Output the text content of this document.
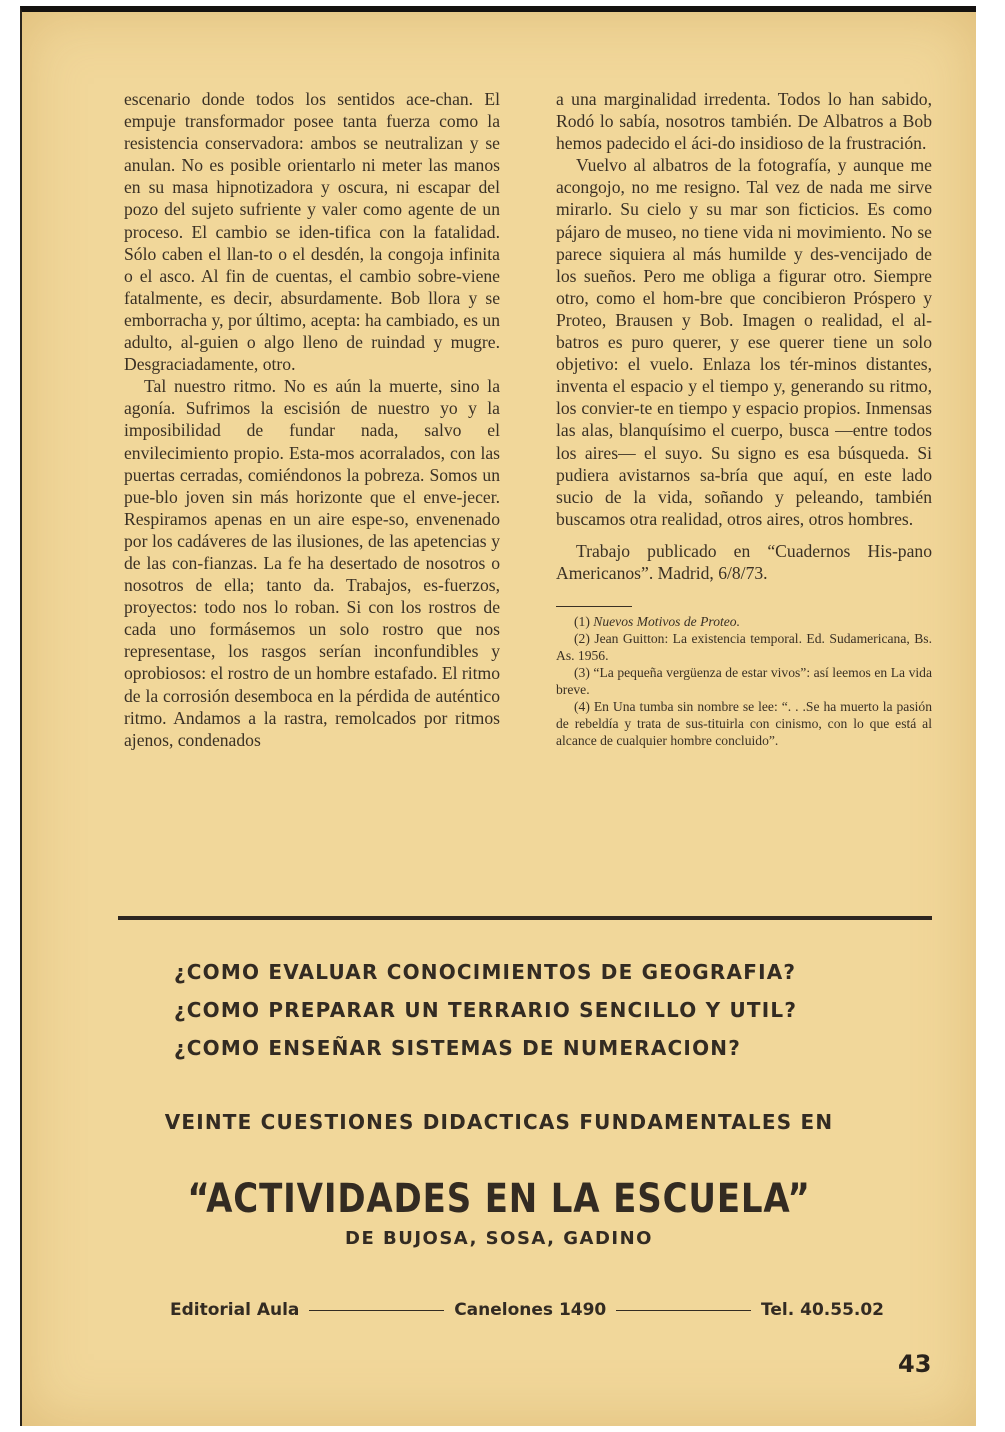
escenario donde todos los sentidos ace-chan. El empuje transformador posee tanta fuerza como la resistencia conservadora: ambos se neutralizan y se anulan. No es posible orientarlo ni meter las manos en su masa hipnotizadora y oscura, ni escapar del pozo del sujeto sufriente y valer como agente de un proceso. El cambio se iden-tifica con la fatalidad. Sólo caben el llan-to o el desdén, la congoja infinita o el asco. Al fin de cuentas, el cambio sobre-viene fatalmente, es decir, absurdamente. Bob llora y se emborracha y, por último, acepta: ha cambiado, es un adulto, al-guien o algo lleno de ruindad y mugre. Desgraciadamente, otro.

Tal nuestro ritmo. No es aún la muerte, sino la agonía. Sufrimos la escisión de nuestro yo y la imposibilidad de fundar nada, salvo el envilecimiento propio. Esta-mos acorralados, con las puertas cerradas, comiéndonos la pobreza. Somos un pue-blo joven sin más horizonte que el enve-jecer. Respiramos apenas en un aire espe-so, envenenado por los cadáveres de las ilusiones, de las apetencias y de las con-fianzas. La fe ha desertado de nosotros o nosotros de ella; tanto da. Trabajos, es-fuerzos, proyectos: todo nos lo roban. Si con los rostros de cada uno formásemos un solo rostro que nos representase, los rasgos serían inconfundibles y oprobiosos: el rostro de un hombre estafado. El ritmo de la corrosión desemboca en la pérdida de auténtico ritmo. Andamos a la rastra, remolcados por ritmos ajenos, condenados

a una marginalidad irredenta. Todos lo han sabido, Rodó lo sabía, nosotros también. De Albatros a Bob hemos padecido el áci-do insidioso de la frustración.

Vuelvo al albatros de la fotografía, y aunque me acongojo, no me resigno. Tal vez de nada me sirve mirarlo. Su cielo y su mar son ficticios. Es como pájaro de museo, no tiene vida ni movimiento. No se parece siquiera al más humilde y des-vencijado de los sueños. Pero me obliga a figurar otro. Siempre otro, como el hom-bre que concibieron Próspero y Proteo, Brausen y Bob. Imagen o realidad, el al-batros es puro querer, y ese querer tiene un solo objetivo: el vuelo. Enlaza los tér-minos distantes, inventa el espacio y el tiempo y, generando su ritmo, los convier-te en tiempo y espacio propios. Inmensas las alas, blanquísimo el cuerpo, busca —entre todos los aires— el suyo. Su signo es esa búsqueda. Si pudiera avistarnos sa-bría que aquí, en este lado sucio de la vida, soñando y peleando, también buscamos otra realidad, otros aires, otros hombres.

Trabajo publicado en “Cuadernos His-pano Americanos”. Madrid, 6/8/73.

(1) Nuevos Motivos de Proteo.

(2) Jean Guitton: La existencia temporal. Ed. Sudamericana, Bs. As. 1956.

(3) “La pequeña vergüenza de estar vivos”: así leemos en La vida breve.

(4) En Una tumba sin nombre se lee: “. . .Se ha muerto la pasión de rebeldía y trata de sus-tituirla con cinismo, con lo que está al alcance de cualquier hombre concluido”.

¿COMO EVALUAR CONOCIMIENTOS DE GEOGRAFIA?
¿COMO PREPARAR UN TERRARIO SENCILLO Y UTIL?
¿COMO ENSEÑAR SISTEMAS DE NUMERACION?
VEINTE CUESTIONES DIDACTICAS FUNDAMENTALES EN
“ACTIVIDADES EN LA ESCUELA”
DE BUJOSA, SOSA, GADINO
Editorial Aula	Canelones 1490	Tel. 40.55.02
43
